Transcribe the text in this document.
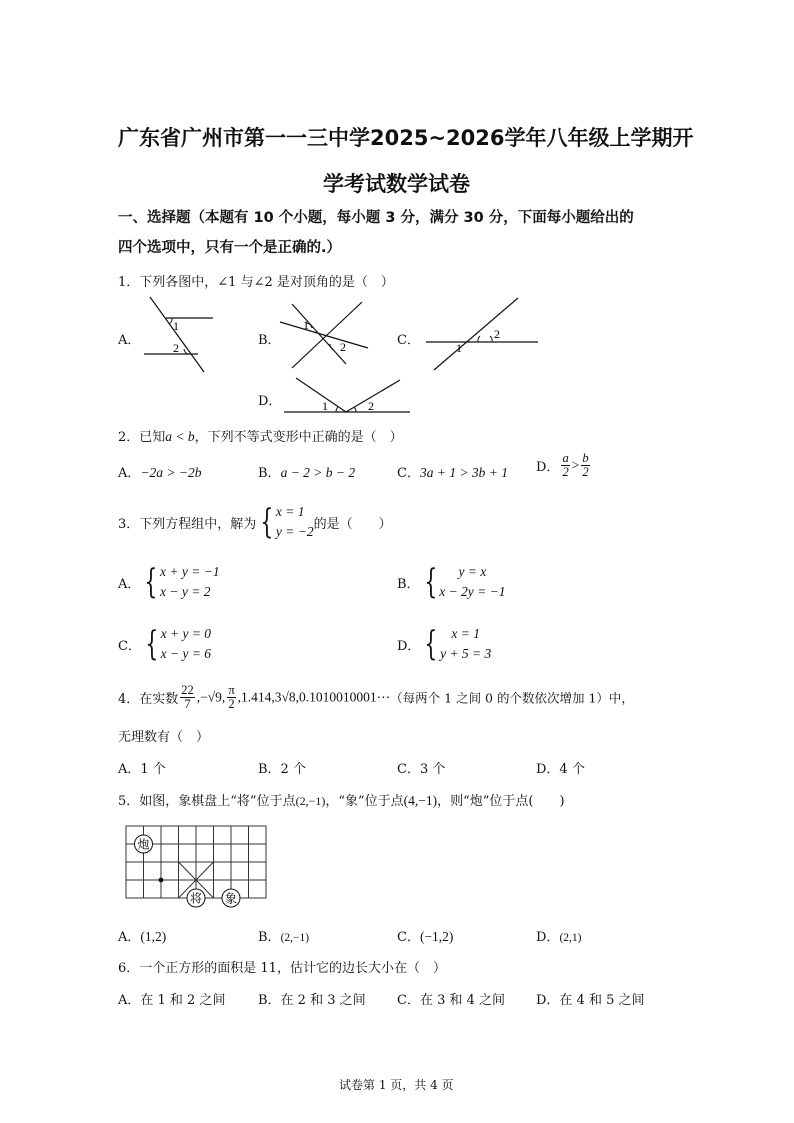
广东省广州市第一一三中学2025~2026学年八年级上学期开
学考试数学试卷
一、选择题（本题有 10 个小题，每小题 3 分，满分 30 分，下面每小题给出的
四个选项中，只有一个是正确的.）
1．下列各图中，∠1 与∠2 是对顶角的是（　）
A．
1
2	B．
1
2	C．	1
2
D．	1	2
2．已知a < b，下列不等式变形中正确的是（　）
A．−2a > −2b	B．a − 2 > b − 2	C．3a + 1 > 3b + 1 D． $\frac{a}{2} > \frac{b}{2}$
3．下列方程组中，解为 { x = 1
y = −2 的是（　　）
A． { x + y = −1
x − y = 2	B． {	y = x
x − 2y = −1
C． { x + y = 0
x − y = 6	D． {	x = 1
y + 5 = 3
4．在实数 $\frac{22}{7} ,-√9$, $\frac{\pi}{2}$ ,1.414,3√8,0.1010010001⋯（每两个 1 之间 0 的个数依次增加 1）中，
无理数有（　）
A．1 个	B．2 个	C．3 个	D．4 个
5．如图，象棋盘上“将”位于点(2,−1)，“象”位于点(4,−1)，则“炮”位于点(　　)
炮
将 象
A．(1,2)	B．(2,−1)	C．(−1,2)	D．(2,1)
6．一个正方形的面积是 11，估计它的边长大小在（　）
A．在 1 和 2 之间	B．在 2 和 3 之间 C．在 3 和 4 之间 D．在 4 和 5 之间
试卷第 1 页，共 4 页
